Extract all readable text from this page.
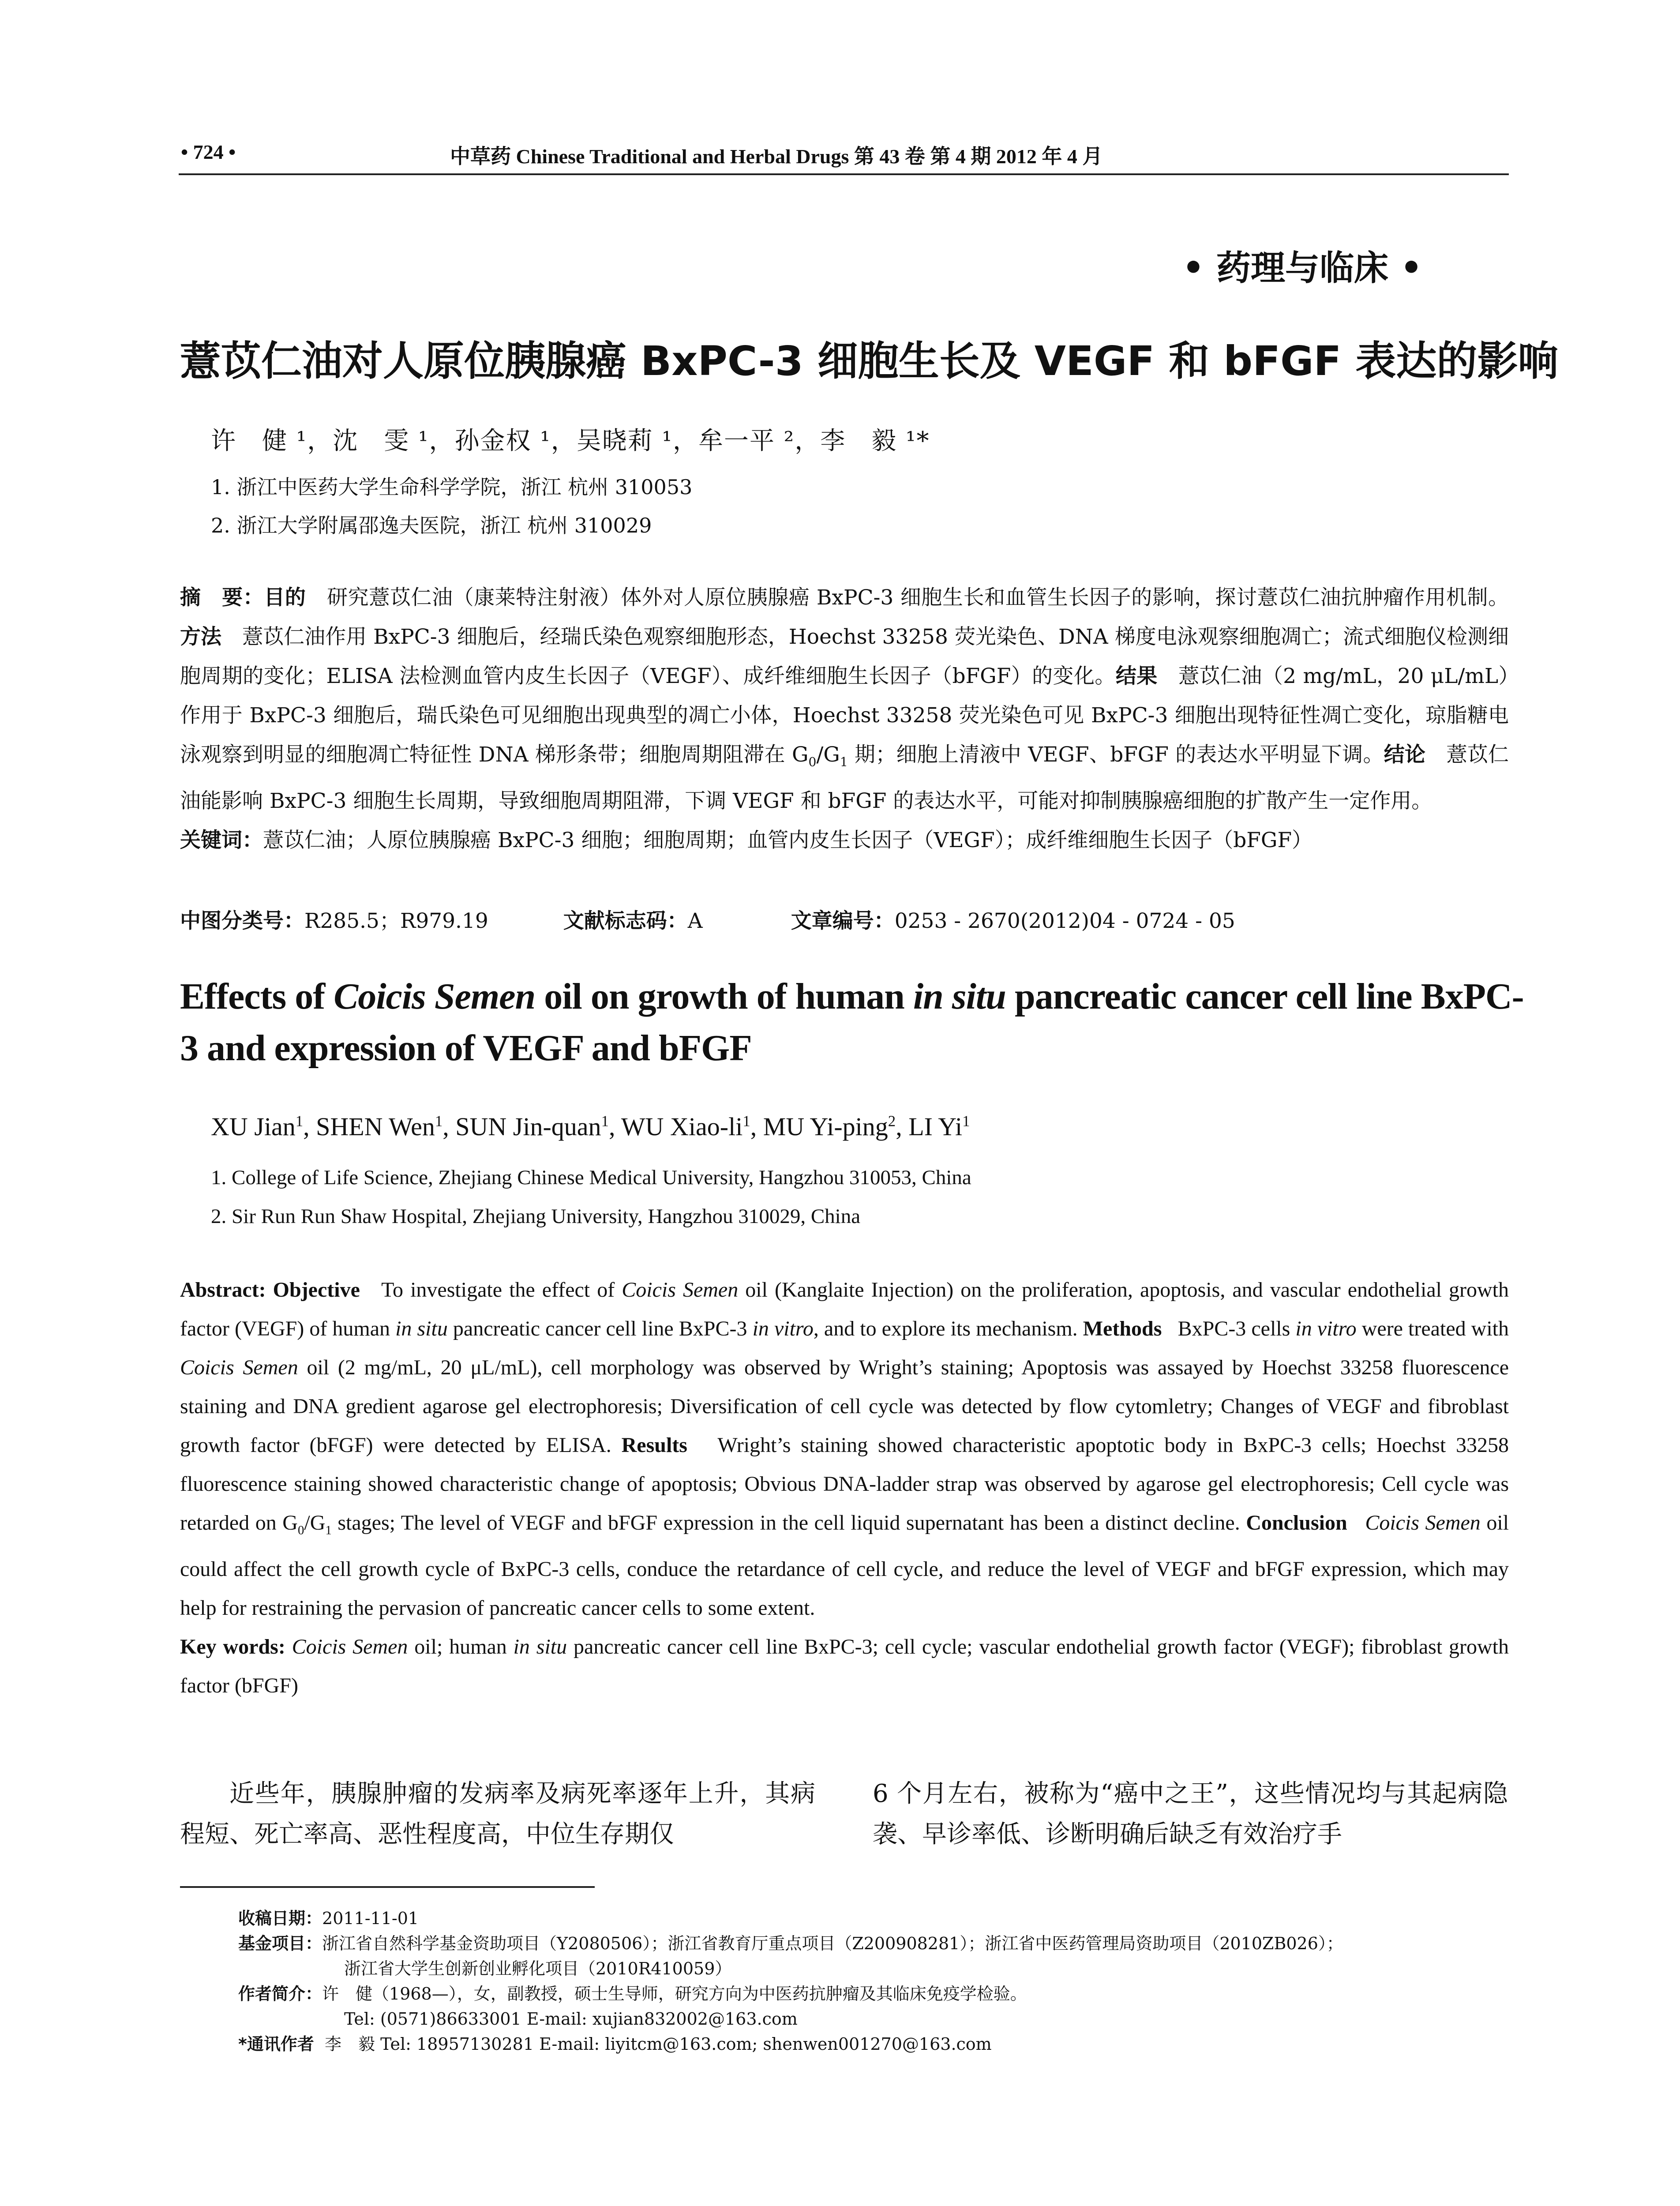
• 724 •	中草药 Chinese Traditional and Herbal Drugs 第 43 卷 第 4 期 2012 年 4 月
• 药理与临床 •
薏苡仁油对人原位胰腺癌 BxPC-3 细胞生长及 VEGF 和 bFGF 表达的影响
许　健 ¹，沈　雯 ¹，孙金权 ¹，吴晓莉 ¹，牟一平 ²，李　毅 ¹*
1. 浙江中医药大学生命科学学院，浙江 杭州 310053
2. 浙江大学附属邵逸夫医院，浙江 杭州 310029
摘　要：目的　 研究薏苡仁油（康莱特注射液）体外对人原位胰腺癌 BxPC-3 细胞生长和血管生长因子的影响，探讨薏苡仁油抗肿瘤作用机制。方法　 薏苡仁油作用 BxPC-3 细胞后，经瑞氏染色观察细胞形态，Hoechst 33258 荧光染色、DNA 梯度电泳观察细胞凋亡；流式细胞仪检测细胞周期的变化；ELISA 法检测血管内皮生长因子（VEGF）、成纤维细胞生长因子（bFGF）的变化。结果　 薏苡仁油（2 mg/mL，20 μL/mL）作用于 BxPC-3 细胞后，瑞氏染色可见细胞出现典型的凋亡小体，Hoechst 33258 荧光染色可见 BxPC-3 细胞出现特征性凋亡变化，琼脂糖电泳观察到明显的细胞凋亡特征性 DNA 梯形条带；细胞周期阻滞在 $G_0/G_1$ 期；细胞上清液中 VEGF、bFGF 的表达水平明显下调。结论　 薏苡仁油能影响 BxPC-3 细胞生长周期，导致细胞周期阻滞，下调 VEGF 和 bFGF 的表达水平，可能对抑制胰腺癌细胞的扩散产生一定作用。
关键词：薏苡仁油；人原位胰腺癌 BxPC-3 细胞；细胞周期；血管内皮生长因子（VEGF）；成纤维细胞生长因子（bFGF）
中图分类号：R285.5；R979.19	文献标志码：A	文章编号：0253 - 2670(2012)04 - 0724 - 05
Effects of Coicis Semen oil on growth of human in situ pancreatic cancer cell line BxPC-3 and expression of VEGF and bFGF
XU Jian$^1$, SHEN Wen$^1$, SUN Jin-quan$^1$, WU Xiao-$li^1$, MU Yi-ping$^2$, LI Yi$^1$
1. College of Life Science, Zhejiang Chinese Medical University, Hangzhou 310053, China
2. Sir Run Run Shaw Hospital, Zhejiang University, Hangzhou 310029, China
Abstract: Objective To investigate the effect of Coicis Semen oil (Kanglaite Injection) on the proliferation, apoptosis, and vascular endothelial growth factor (VEGF) of human in situ pancreatic cancer cell line BxPC-3 in vitro, and to explore its mechanism. Methods BxPC-3 cells in vitro were treated with Coicis Semen oil (2 mg/mL, 20 μL/mL), cell morphology was observed by Wright’s staining; Apoptosis was assayed by Hoechst 33258 fluorescence staining and DNA gredient agarose gel electrophoresis; Diversification of cell cycle was detected by flow cytomletry; Changes of VEGF and fibroblast growth factor (bFGF) were detected by ELISA. Results Wright’s staining showed characteristic apoptotic body in BxPC-3 cells; Hoechst 33258 fluorescence staining showed characteristic change of apoptosis; Obvious DNA-ladder strap was observed by agarose gel electrophoresis; Cell cycle was retarded on $G_0/G_1$ stages; The level of VEGF and bFGF expression in the cell liquid supernatant has been a distinct decline. Conclusion Coicis Semen oil could affect the cell growth cycle of BxPC-3 cells, conduce the retardance of cell cycle, and reduce the level of VEGF and bFGF expression, which may help for restraining the pervasion of pancreatic cancer cells to some extent.
Key words: Coicis Semen oil; human in situ pancreatic cancer cell line BxPC-3; cell cycle; vascular endothelial growth factor (VEGF); fibroblast growth factor (bFGF)
近些年，胰腺肿瘤的发病率及病死率逐年上升，其病程短、死亡率高、恶性程度高，中位生存期仅
6 个月左右，被称为“癌中之王”，这些情况均与其起病隐袭、早诊率低、诊断明确后缺乏有效治疗手
收稿日期：2011-11-01
基金项目：浙江省自然科学基金资助项目（Y2080506）；浙江省教育厅重点项目（Z200908281）；浙江省中医药管理局资助项目（2010ZB026）；
浙江省大学生创新创业孵化项目（2010R410059）
作者简介：许　健（1968—），女，副教授，硕士生导师，研究方向为中医药抗肿瘤及其临床免疫学检验。
Tel: (0571)86633001 E-mail: xujian832002@163.com
*通讯作者 李　毅 Tel: 18957130281 E-mail: liyitcm@163.com; shenwen001270@163.com
